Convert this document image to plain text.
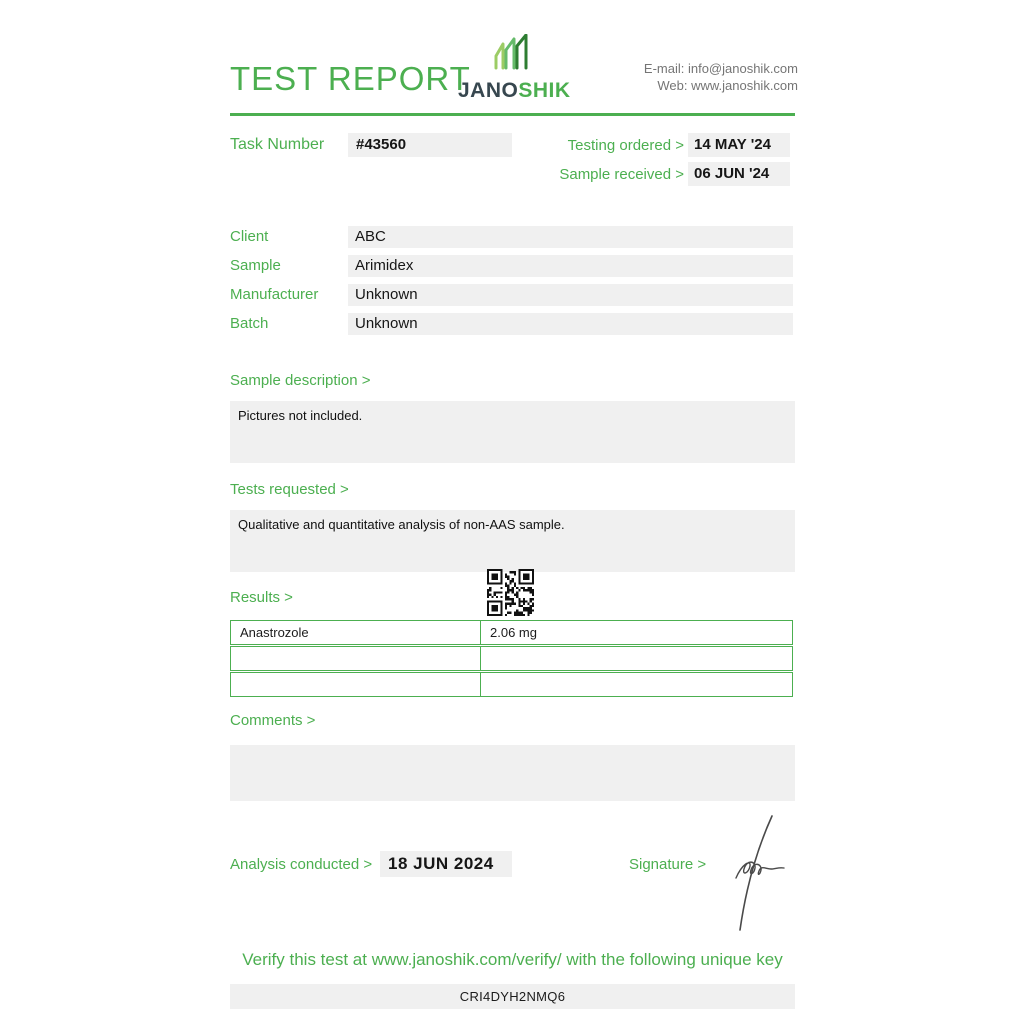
TEST REPORT
JANOSHIK
E-mail: info@janoshik.com
Web: www.janoshik.com
Task Number	#43560	Testing ordered > 14 MAY '24
Sample received > 06 JUN '24
Client	ABC
Sample	Arimidex
Manufacturer	Unknown
Batch	Unknown
Sample description >
Pictures not included.
Tests requested >
Qualitative and quantitative analysis of non-AAS sample.
Results >
Anastrozole	2.06 mg
Comments >
Analysis conducted > 18 JUN 2024	Signature >
Verify this test at www.janoshik.com/verify/ with the following unique key
CRI4DYH2NMQ6
